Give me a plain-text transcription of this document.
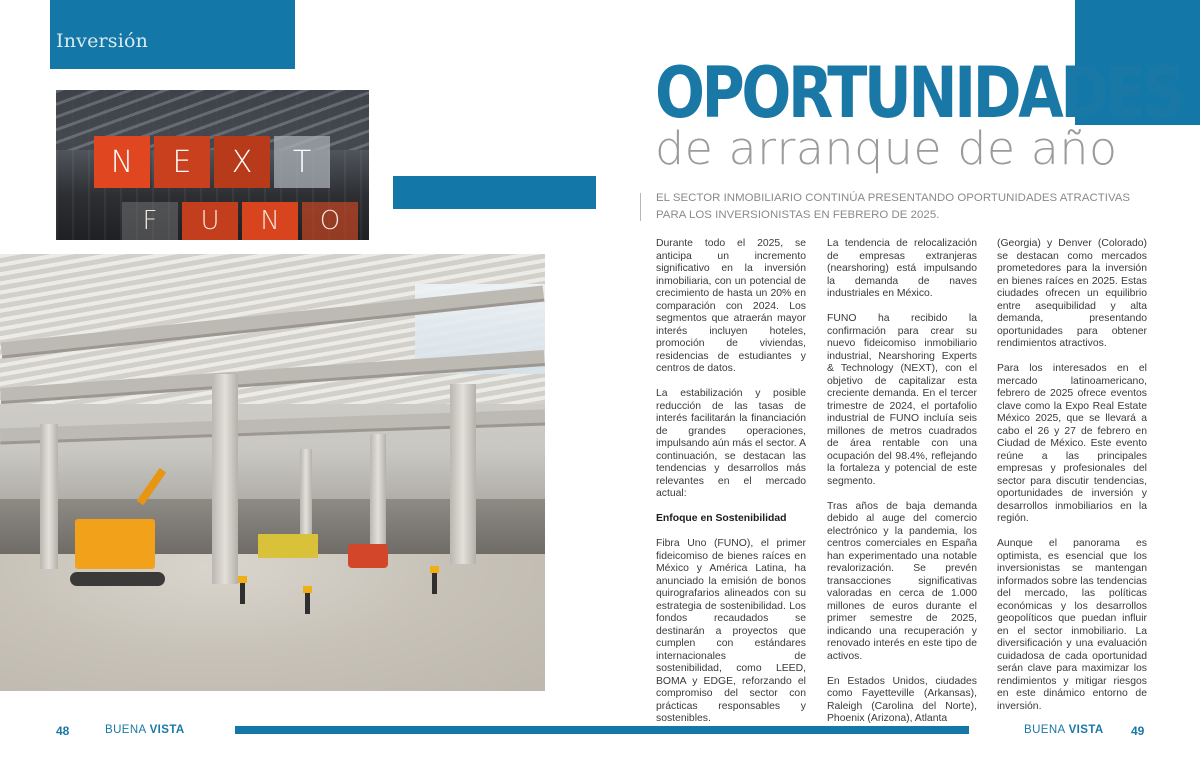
Inversión
N	E	X	T
F	U	N	O
OPORTUNIDADES
de arranque de año
EL SECTOR INMOBILIARIO CONTINÚA PRESENTANDO OPORTUNIDADES ATRACTIVAS PARA LOS INVERSIONISTAS EN FEBRERO DE 2025.

Durante todo el 2025, se anticipa un incremento significativo en la inversión inmobiliaria, con un potencial de crecimiento de hasta un 20% en comparación con 2024. Los segmentos que atraerán mayor interés incluyen hoteles, promoción de viviendas, residencias de estudiantes y centros de datos.

La estabilización y posible reducción de las tasas de interés facilitarán la financiación de grandes operaciones, impulsando aún más el sector. A continuación, se destacan las tendencias y desarrollos más relevantes en el mercado actual:

Enfoque en Sostenibilidad

Fibra Uno (FUNO), el primer fideicomiso de bienes raíces en México y América Latina, ha anunciado la emisión de bonos quirografarios alineados con su estrategia de sostenibilidad. Los fondos recaudados se destinarán a proyectos que cumplen con estándares internacionales de sostenibilidad, como LEED, BOMA y EDGE, reforzando el compromiso del sector con prácticas responsables y sostenibles.

La tendencia de relocalización de empresas extranjeras (nearshoring) está impulsando la demanda de naves industriales en México.

FUNO ha recibido la confirmación para crear su nuevo fideicomiso inmobiliario industrial, Nearshoring Experts & Technology (NEXT), con el objetivo de capitalizar esta creciente demanda. En el tercer trimestre de 2024, el portafolio industrial de FUNO incluía seis millones de metros cuadrados de área rentable con una ocupación del 98.4%, reflejando la fortaleza y potencial de este segmento.

Tras años de baja demanda debido al auge del comercio electrónico y la pandemia, los centros comerciales en España han experimentado una notable revalorización. Se prevén transacciones significativas valoradas en cerca de 1.000 millones de euros durante el primer semestre de 2025, indicando una recuperación y renovado interés en este tipo de activos.

En Estados Unidos, ciudades como Fayetteville (Arkansas), Raleigh (Carolina del Norte), Phoenix (Arizona), Atlanta

(Georgia) y Denver (Colorado) se destacan como mercados prometedores para la inversión en bienes raíces en 2025. Estas ciudades ofrecen un equilibrio entre asequibilidad y alta demanda, presentando oportunidades para obtener rendimientos atractivos.

Para los interesados en el mercado latinoamericano, febrero de 2025 ofrece eventos clave como la Expo Real Estate México 2025, que se llevará a cabo el 26 y 27 de febrero en Ciudad de México. Este evento reúne a las principales empresas y profesionales del sector para discutir tendencias, oportunidades de inversión y desarrollos inmobiliarios en la región.

Aunque el panorama es optimista, es esencial que los inversionistas se mantengan informados sobre las tendencias del mercado, las políticas económicas y los desarrollos geopolíticos que puedan influir en el sector inmobiliario. La diversificación y una evaluación cuidadosa de cada oportunidad serán clave para maximizar los rendimientos y mitigar riesgos en este dinámico entorno de inversión.

48	BUENA VISTA	BUENA VISTA 49
